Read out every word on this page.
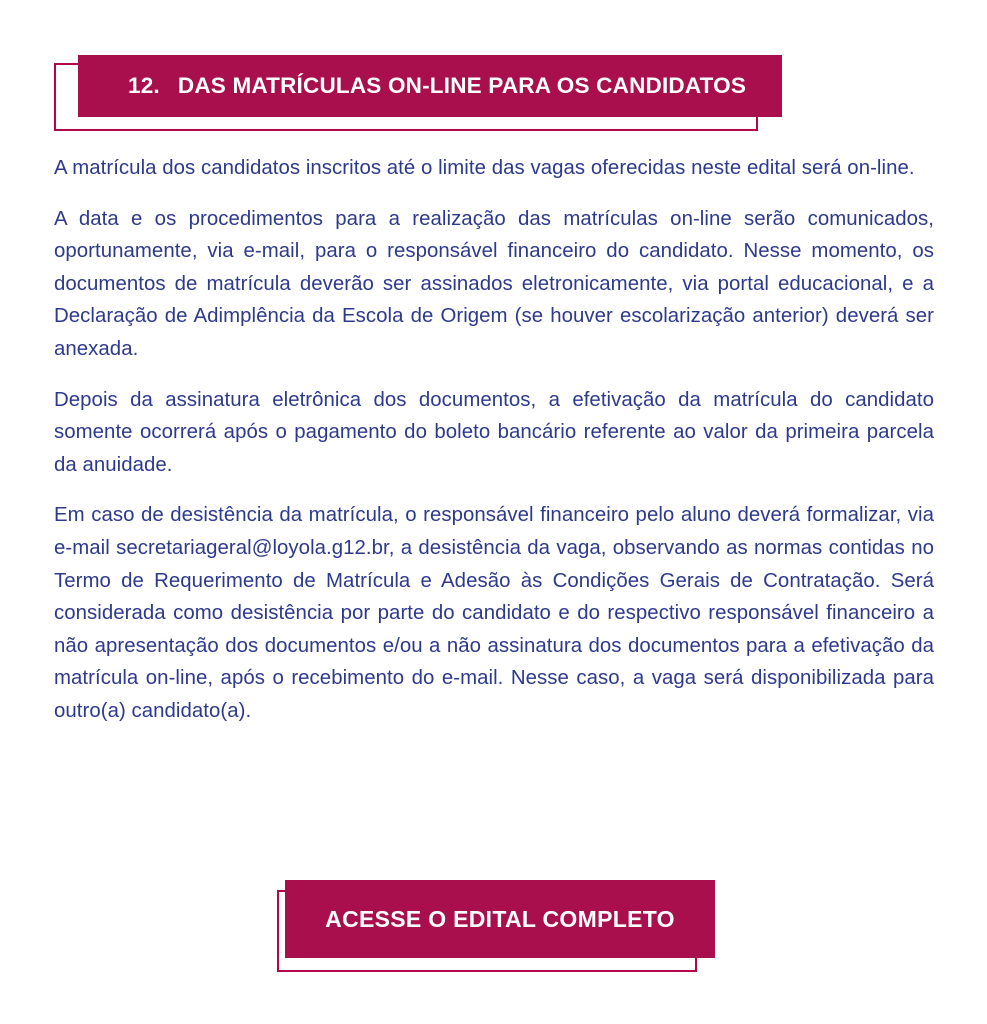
12. DAS MATRÍCULAS ON-LINE PARA OS CANDIDATOS

A matrícula dos candidatos inscritos até o limite das vagas oferecidas neste edital será on-line.

A data e os procedimentos para a realização das matrículas on-line serão comunicados, oportunamente, via e-mail, para o responsável financeiro do candidato. Nesse momento, os documentos de matrícula deverão ser assinados eletronicamente, via portal educacional, e a Declaração de Adimplência da Escola de Origem (se houver escolarização anterior) deverá ser anexada.

Depois da assinatura eletrônica dos documentos, a efetivação da matrícula do candidato somente ocorrerá após o pagamento do boleto bancário referente ao valor da primeira parcela da anuidade.

Em caso de desistência da matrícula, o responsável financeiro pelo aluno deverá formalizar, via e-mail secretariageral@loyola.g12.br, a desistência da vaga, observando as normas contidas no Termo de Requerimento de Matrícula e Adesão às Condições Gerais de Contratação. Será considerada como desistência por parte do candidato e do respectivo responsável financeiro a não apresentação dos documentos e/ou a não assinatura dos documentos para a efetivação da matrícula on-line, após o recebimento do e-mail. Nesse caso, a vaga será disponibilizada para outro(a) candidato(a).

ACESSE O EDITAL COMPLETO
